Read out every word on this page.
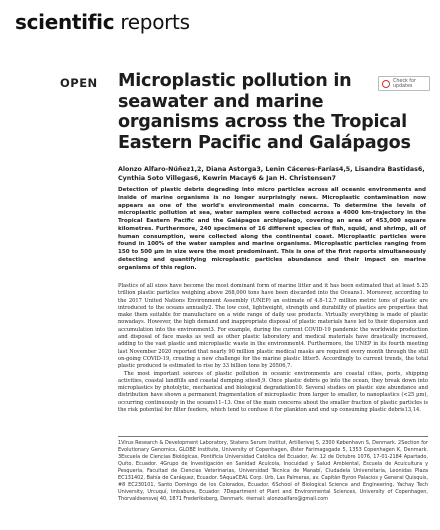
scientific reports
OPEN	Check for updates
Microplastic pollution in seawater and marine organisms across the Tropical Eastern Pacific and Galápagos
Alonzo Alfaro-Núñez1,2, Diana Astorga3, Lenin Cáceres-Farías4,5, Lisandra Bastidas6, Cynthia Soto Villegas6, Kewrin Macay6 & Jan H. Christensen7
Detection of plastic debris degrading into micro particles across all oceanic environments and inside of marine organisms is no longer surprisingly news. Microplastic contamination now appears as one of the world's environmental main concerns. To determine the levels of microplastic pollution at sea, water samples were collected across a 4000 km-trajectory in the Tropical Eastern Pacific and the Galápagos archipelago, covering an area of 453,000 square kilometres. Furthermore, 240 specimens of 16 different species of fish, squid, and shrimp, all of human consumption, were collected along the continental coast. Microplastic particles were found in 100% of the water samples and marine organisms. Microplastic particles ranging from 150 to 500 µm in size were the most predominant. This is one of the first reports simultaneously detecting and quantifying microplastic particles abundance and their impact on marine organisms of this region.

Plastics of all sizes have become the most dominant form of marine litter and it has been estimated that at least 5.25 trillion plastic particles weighing above 268,000 tons have been discarded into the Oceans1. Moreover, according to the 2017 United Nations Environment Assembly (UNEP) an estimate of 4.8–12.7 million metric tons of plastic are introduced to the oceans annually2. The low cost, lightweight, strength and durability of plastics are properties that make them suitable for manufacture on a wide range of daily use products. Virtually everything is made of plastic nowadays. However, the high demand and inappropriate disposal of plastic materials have led to their dispersion and accumulation into the environment3. For example, during the current COVID-19 pandemic the worldwide production and disposal of face masks as well as other plastic laboratory and medical materials have drastically increased, adding to the vast plastic and microplastic waste in the environment4. Furthermore, the UNEP in its fourth meeting last November 2020 reported that nearly 90 million plastic medical masks are required every month through the still on-going COVID-19, creating a new challenge for the marine plastic litter5. Accordingly to current trends, the total plastic produced is estimated to rise by 33 billion tons by 20506,7.

The most important sources of plastic pollution in oceanic environments are coastal cities, ports, shipping activities, coastal landfills and coastal dumping sites8,9. Once plastic debris go into the ocean, they break down into microplastics by photolytic, mechanical and biological degradation10. Several studies on plastic size abundance and distribution have shown a permanent fragmentation of microplastic from larger to smaller, to nanoplastics (<25 µm), occurring continuously in the oceans11–13. One of the main concerns about the smaller fraction of plastic particles is the risk potential for filter feeders, which tend to confuse it for plankton and end up consuming plastic debris13,14.

1Virus Research & Development Laboratory, Statens Serum Institut, Artillerivej 5, 2300 København S, Denmark. 2Section for Evolutionary Genomics, GLOBE Institute, University of Copenhagen, Øster Farimagsgade 5, 1353 Copenhagen K, Denmark. 3Escuela de Ciencias Biológicas, Pontificia Universidad Católica del Ecuador, Av. 12 de Octubre 1076, 17-01-2184 Apartado, Quito, Ecuador. 4Grupo de Investigación en Sanidad Acuícola, Inocuidad y Salud Ambiental, Escuela de Acuicultura y Pesquería, Facultad de Ciencias Veterinarias, Universidad Técnica de Manabí, Ciudadela Universitaria, Leonidas Plaza EC131402, Bahía de Caráquez, Ecuador. 5AquaCEAL Corp. Urb, Las Palmeras, av. Capitán Byron Palacios y General Quisquis, #8 EC230101, Santo Domingo de los Colorados, Ecuador. 6School of Biological Science and Engineering, Yachay Tech University, Urcuquí, Imbabura, Ecuador. 7Department of Plant and Environmental Sciences, University of Copenhagen, Thorvaldsensvej 40, 1871 Frederiksberg, Denmark. ✉email: alonzoalfaro@gmail.com
